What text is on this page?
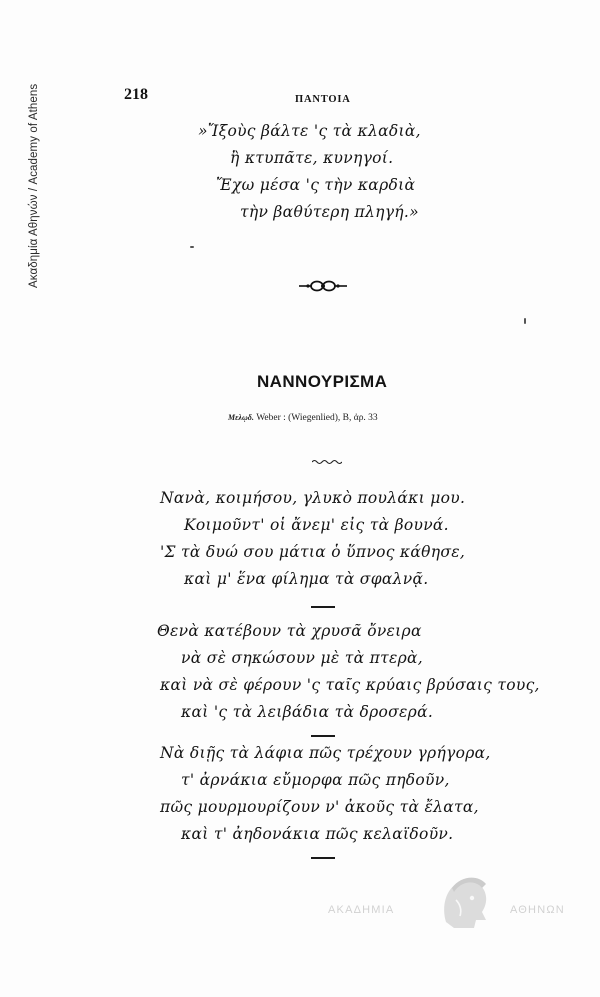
Ακαδημία Αθηνών / Academy of Athens	218	ΠΑΝΤΟΙΑ
»Ἴξοὺς βάλτε 'ς τὰ κλαδιὰ,
ἢ κτυπᾶτε, κυνηγοί.
Ἔχω μέσα 'ς τὴν καρδιὰ
τὴν βαθύτερη πληγή.»
ΝΑΝΝΟΥΡΙΣΜΑ
Μελῳδ. Weber : (Wiegenlied), B, ἀρ. 33
Νανὰ, κοιμήσου, γλυκὸ πουλάκι μου.
Κοιμοῦντ' οἱ ἄνεμ' εἰς τὰ βουνά.
'Σ τὰ δυώ σου μάτια ὁ ὕπνος κάθησε,
καὶ μ' ἕνα φίλημα τὰ σφαλνᾷ.
Θενὰ κατέβουν τὰ χρυσᾶ ὄνειρα
νὰ σὲ σηκώσουν μὲ τὰ πτερὰ,
καὶ νὰ σὲ φέρουν 'ς ταῖς κρύαις βρύσαις τους,
καὶ 'ς τὰ λειβάδια τὰ δροσερά.
Νὰ διῇς τὰ λάφια πῶς τρέχουν γρήγορα,
τ' ἀρνάκια εὔμορφα πῶς πηδοῦν,
πῶς μουρμουρίζουν ν' ἀκοῦς τὰ ἔλατα,
καὶ τ' ἀηδονάκια πῶς κελαϊδοῦν.
ΑΚΑΔΗΜΙΑ	ΑΘΗΝΩΝ
